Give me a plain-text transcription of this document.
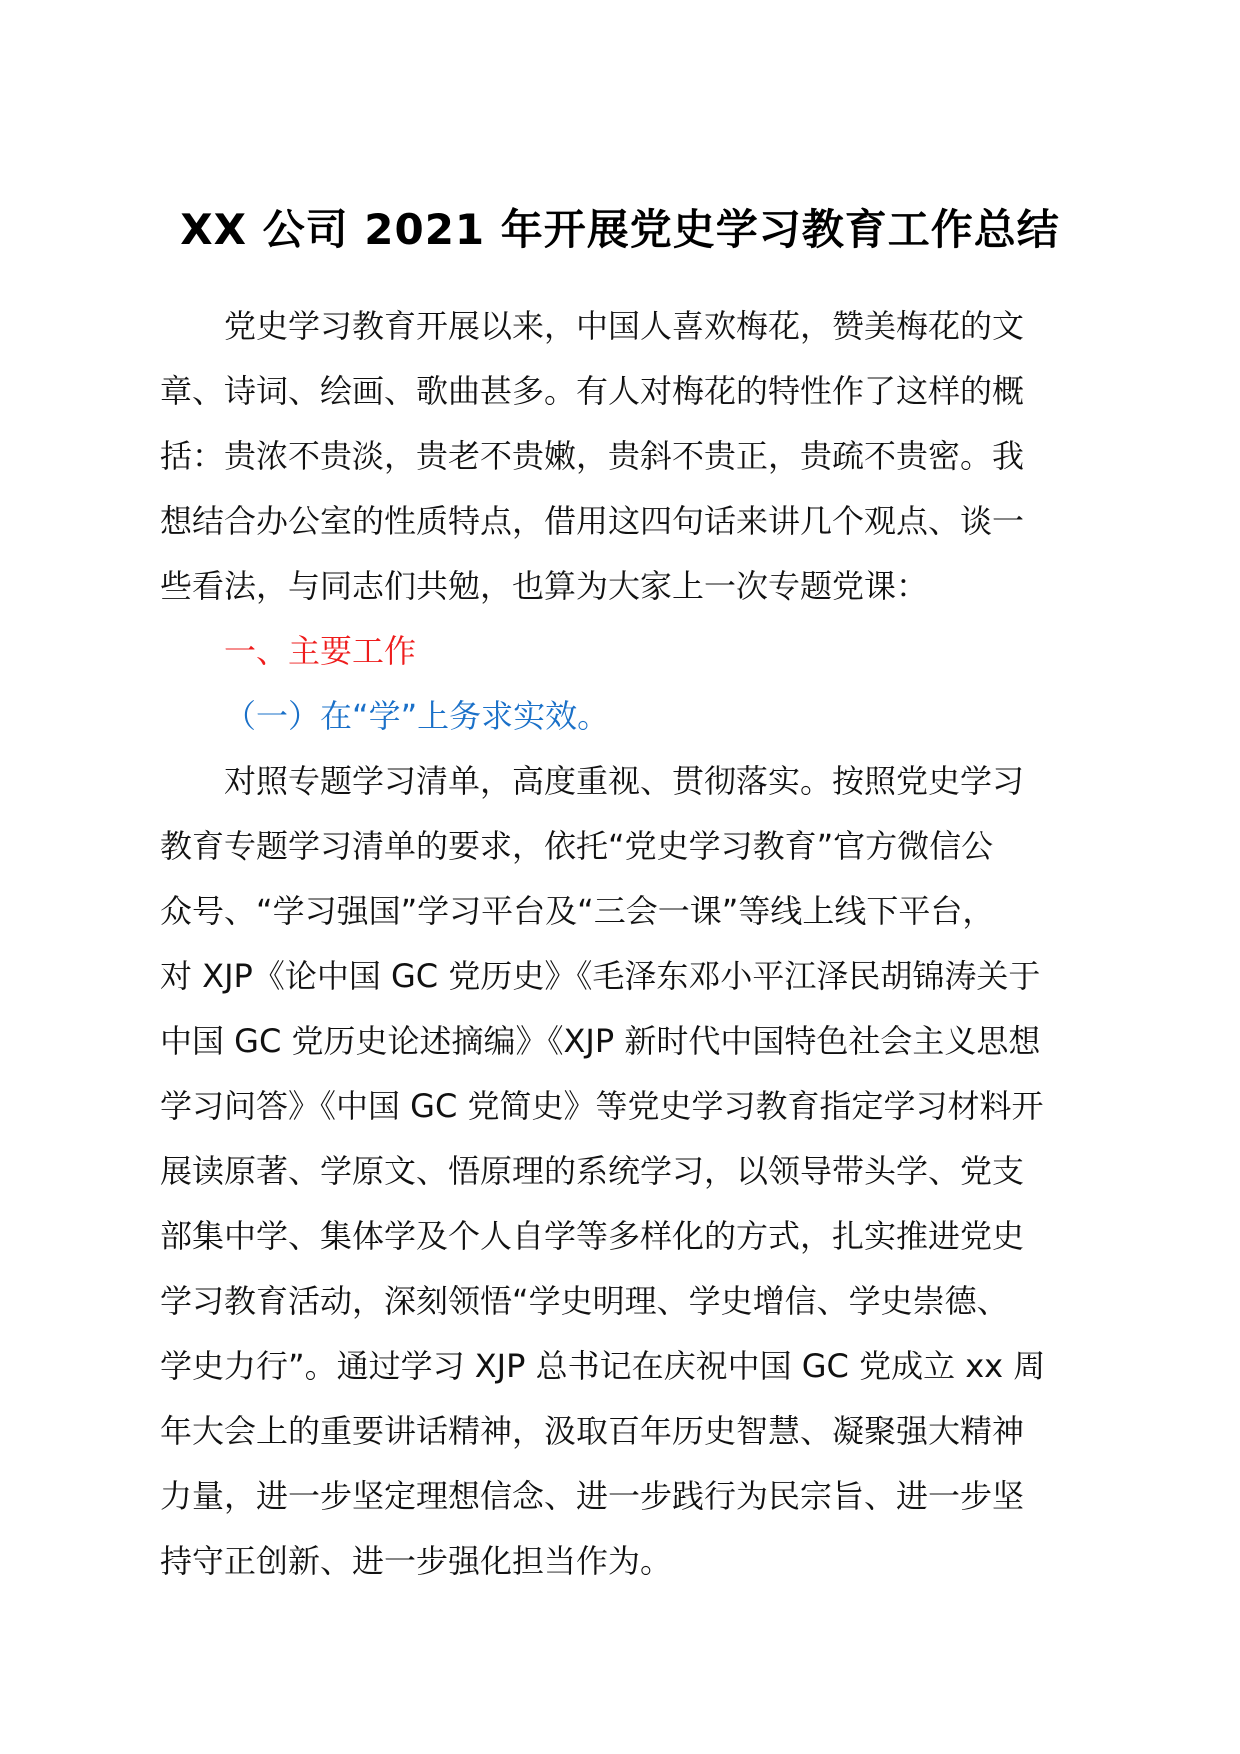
XX 公司 2021 年开展党史学习教育工作总结
党史学习教育开展以来，中国人喜欢梅花，赞美梅花的文
章、诗词、绘画、歌曲甚多。有人对梅花的特性作了这样的概
括：贵浓不贵淡，贵老不贵嫩，贵斜不贵正，贵疏不贵密。我
想结合办公室的性质特点，借用这四句话来讲几个观点、谈一
些看法，与同志们共勉，也算为大家上一次专题党课：
一、主要工作
（一）在“学”上务求实效。
对照专题学习清单，高度重视、贯彻落实。按照党史学习
教育专题学习清单的要求，依托“党史学习教育”官方微信公
众号、“学习强国”学习平台及“三会一课”等线上线下平台，
对 XJP《论中国 GC 党历史》《毛泽东邓小平江泽民胡锦涛关于
中国 GC 党历史论述摘编》《XJP 新时代中国特色社会主义思想
学习问答》《中国 GC 党简史》等党史学习教育指定学习材料开
展读原著、学原文、悟原理的系统学习，以领导带头学、党支
部集中学、集体学及个人自学等多样化的方式，扎实推进党史
学习教育活动，深刻领悟“学史明理、学史增信、学史崇德、
学史力行”。通过学习 XJP 总书记在庆祝中国 GC 党成立 xx 周
年大会上的重要讲话精神，汲取百年历史智慧、凝聚强大精神
力量，进一步坚定理想信念、进一步践行为民宗旨、进一步坚
持守正创新、进一步强化担当作为。
